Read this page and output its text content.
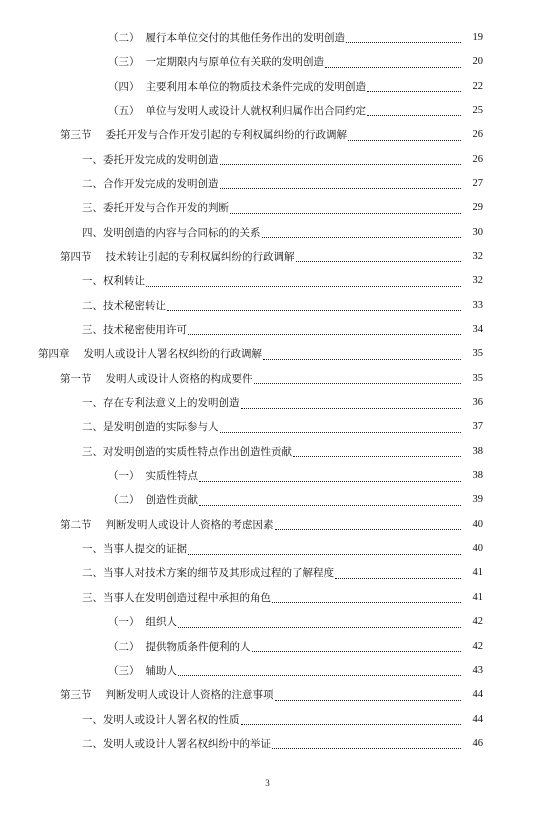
（二） 履行本单位交付的其他任务作出的发明创造	19
（三） 一定期限内与原单位有关联的发明创造	20
（四） 主要利用本单位的物质技术条件完成的发明创造	22
（五） 单位与发明人或设计人就权利归属作出合同约定	25
第三节 委托开发与合作开发引起的专利权属纠纷的行政调解	26
一、 委托开发完成的发明创造	26
二、 合作开发完成的发明创造	27
三、 委托开发与合作开发的判断	29
四、 发明创造的内容与合同标的的关系	30
第四节 技术转让引起的专利权属纠纷的行政调解	32
一、 权利转让	32
二、 技术秘密转让	33
三、 技术秘密使用许可	34
第四章 发明人或设计人署名权纠纷的行政调解	35
第一节 发明人或设计人资格的构成要件	35
一、 存在专利法意义上的发明创造	36
二、 是发明创造的实际参与人	37
三、 对发明创造的实质性特点作出创造性贡献	38
（一） 实质性特点	38
（二） 创造性贡献	39
第二节 判断发明人或设计人资格的考虑因素	40
一、 当事人提交的证据	40
二、 当事人对技术方案的细节及其形成过程的了解程度	41
三、 当事人在发明创造过程中承担的角色	41
（一） 组织人	42
（二） 提供物质条件便利的人	42
（三） 辅助人	43
第三节 判断发明人或设计人资格的注意事项	44
一、 发明人或设计人署名权的性质	44
二、 发明人或设计人署名权纠纷中的举证	46
3
